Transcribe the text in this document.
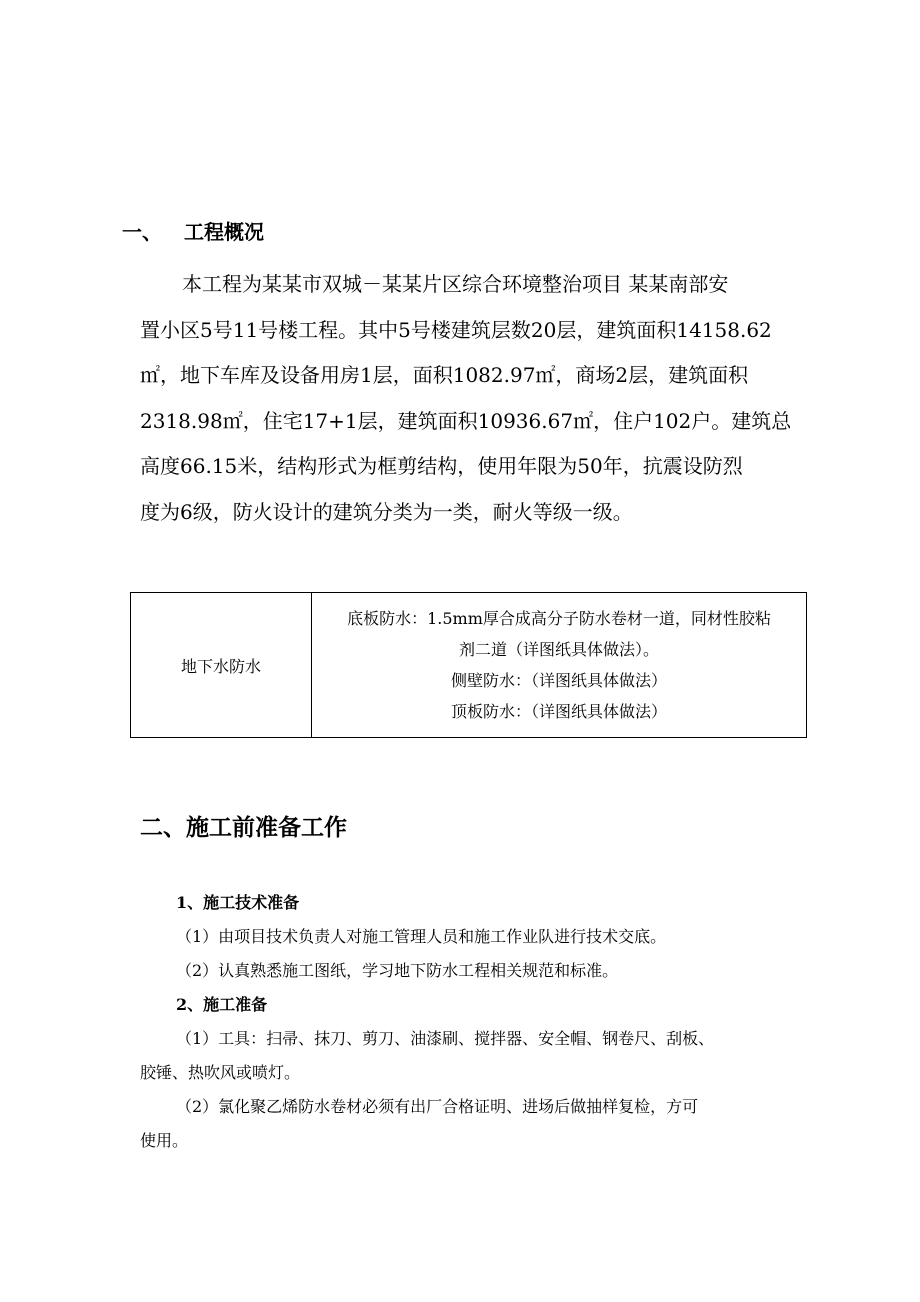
一、 工程概况
本工程为某某市双城－某某片区综合环境整治项目 某某南部安
置小区5号11号楼工程。其中5号楼建筑层数20层，建筑面积14158.62
㎡，地下车库及设备用房1层，面积1082.97㎡，商场2层，建筑面积
2318.98㎡，住宅17+1层，建筑面积10936.67㎡，住户102户。建筑总
高度66.15米，结构形式为框剪结构，使用年限为50年，抗震设防烈
度为6级，防火设计的建筑分类为一类，耐火等级一级。
地下水防水	
底板防水：1.5mm厚合成高分子防水卷材一道，同材性胶粘
剂二道（详图纸具体做法）。
侧壁防水：（详图纸具体做法）
顶板防水：（详图纸具体做法）
二、施工前准备工作
1、施工技术准备
（1）由项目技术负责人对施工管理人员和施工作业队进行技术交底。
（2）认真熟悉施工图纸，学习地下防水工程相关规范和标准。
2、施工准备
（1）工具：扫帚、抹刀、剪刀、油漆刷、搅拌器、安全帽、钢卷尺、刮板、
胶锤、热吹风或喷灯。
（2）氯化聚乙烯防水卷材必须有出厂合格证明、进场后做抽样复检，方可
使用。
